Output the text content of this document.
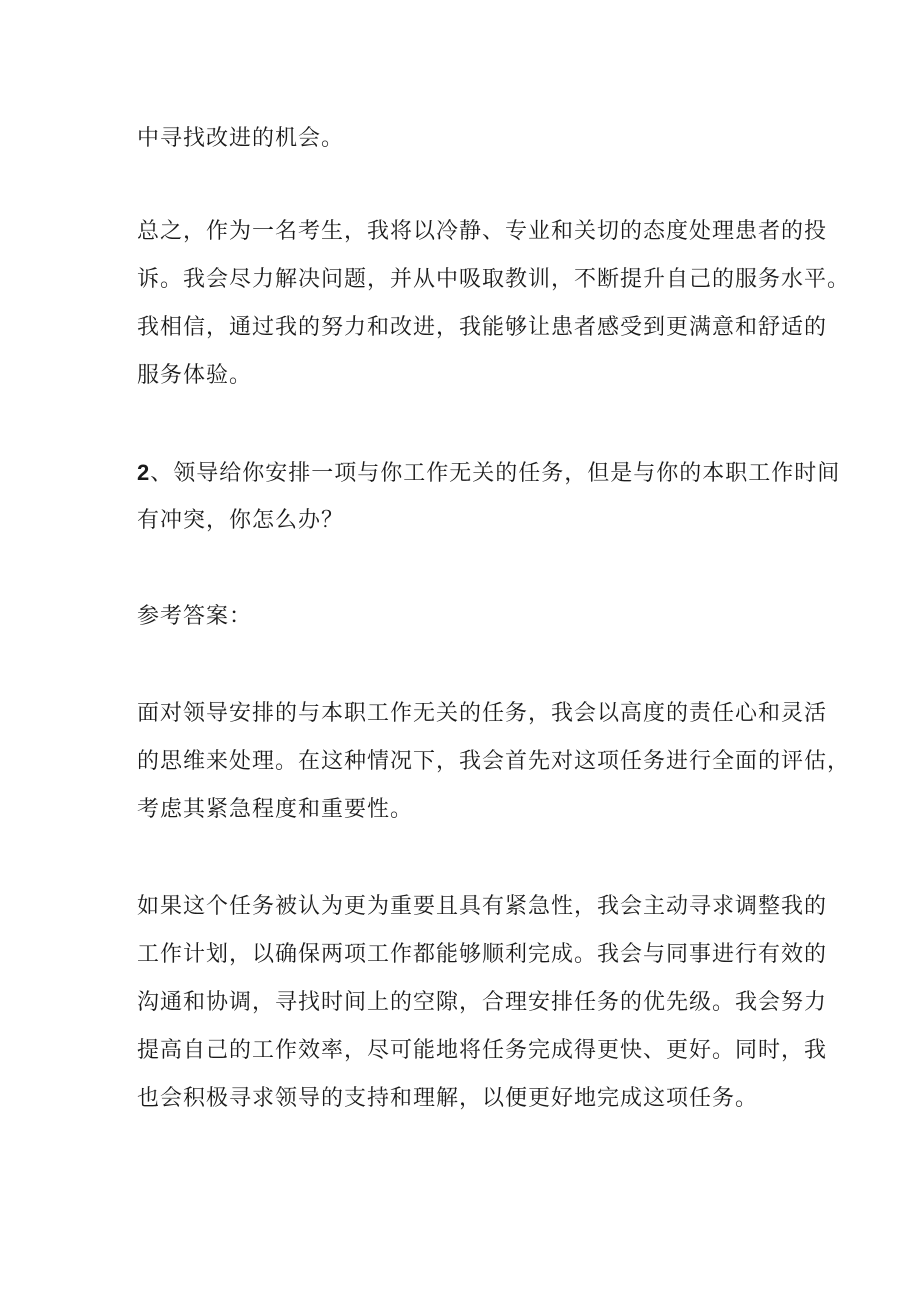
中寻找改进的机会。
总之，作为一名考生，我将以冷静、专业和关切的态度处理患者的投
诉。我会尽力解决问题，并从中吸取教训，不断提升自己的服务水平。
我相信，通过我的努力和改进，我能够让患者感受到更满意和舒适的
服务体验。
2、领导给你安排一项与你工作无关的任务，但是与你的本职工作时间
有冲突，你怎么办？
参考答案：
面对领导安排的与本职工作无关的任务，我会以高度的责任心和灵活
的思维来处理。在这种情况下，我会首先对这项任务进行全面的评估，
考虑其紧急程度和重要性。
如果这个任务被认为更为重要且具有紧急性，我会主动寻求调整我的
工作计划，以确保两项工作都能够顺利完成。我会与同事进行有效的
沟通和协调，寻找时间上的空隙，合理安排任务的优先级。我会努力
提高自己的工作效率，尽可能地将任务完成得更快、更好。同时，我
也会积极寻求领导的支持和理解，以便更好地完成这项任务。
